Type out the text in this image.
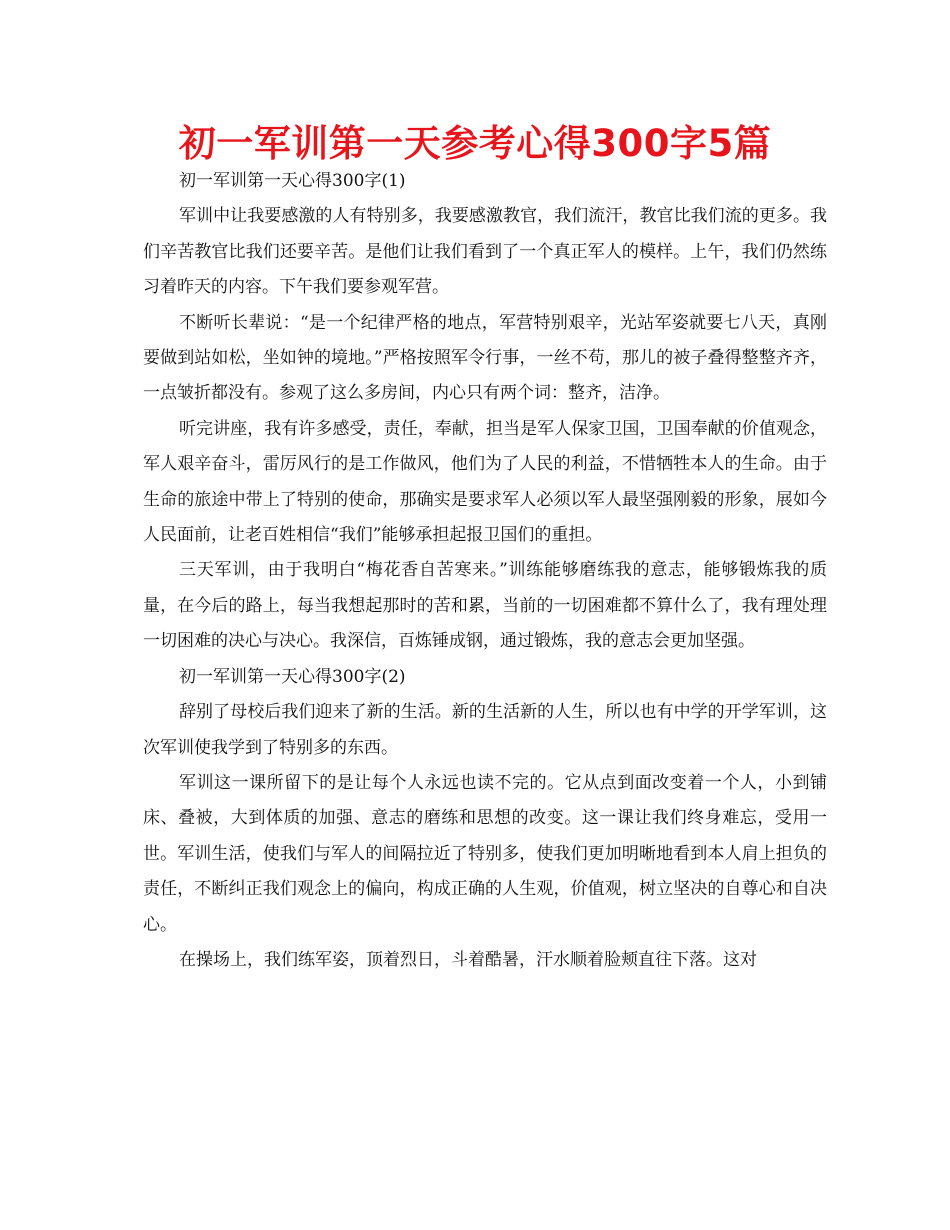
初一军训第一天参考心得300字5篇

初一军训第一天心得300字(1)

军训中让我要感激的人有特别多，我要感激教官，我们流汗，教官比我们流的更多。我们辛苦教官比我们还要辛苦。是他们让我们看到了一个真正军人的模样。上午，我们仍然练习着昨天的内容。下午我们要参观军营。

不断听长辈说：“是一个纪律严格的地点，军营特别艰辛，光站军姿就要七八天，真刚要做到站如松，坐如钟的境地。”严格按照军令行事，一丝不苟，那儿的被子叠得整整齐齐，一点皱折都没有。参观了这么多房间，内心只有两个词：整齐，洁净。

听完讲座，我有许多感受，责任，奉献，担当是军人保家卫国，卫国奉献的价值观念，军人艰辛奋斗，雷厉风行的是工作做风，他们为了人民的利益，不惜牺牲本人的生命。由于生命的旅途中带上了特别的使命，那确实是要求军人必须以军人最坚强刚毅的形象，展如今人民面前，让老百姓相信“我们”能够承担起报卫国们的重担。

三天军训，由于我明白“梅花香自苦寒来。”训练能够磨练我的意志，能够锻炼我的质量，在今后的路上，每当我想起那时的苦和累，当前的一切困难都不算什么了，我有理处理一切困难的决心与决心。我深信，百炼锤成钢，通过锻炼，我的意志会更加坚强。

初一军训第一天心得300字(2)

辞别了母校后我们迎来了新的生活。新的生活新的人生，所以也有中学的开学军训，这次军训使我学到了特别多的东西。

军训这一课所留下的是让每个人永远也读不完的。它从点到面改变着一个人，小到铺床、叠被，大到体质的加强、意志的磨练和思想的改变。这一课让我们终身难忘，受用一世。军训生活，使我们与军人的间隔拉近了特别多，使我们更加明晰地看到本人肩上担负的责任，不断纠正我们观念上的偏向，构成正确的人生观，价值观，树立坚决的自尊心和自决心。

在操场上，我们练军姿，顶着烈日，斗着酷暑，汗水顺着脸颊直往下落。这对
